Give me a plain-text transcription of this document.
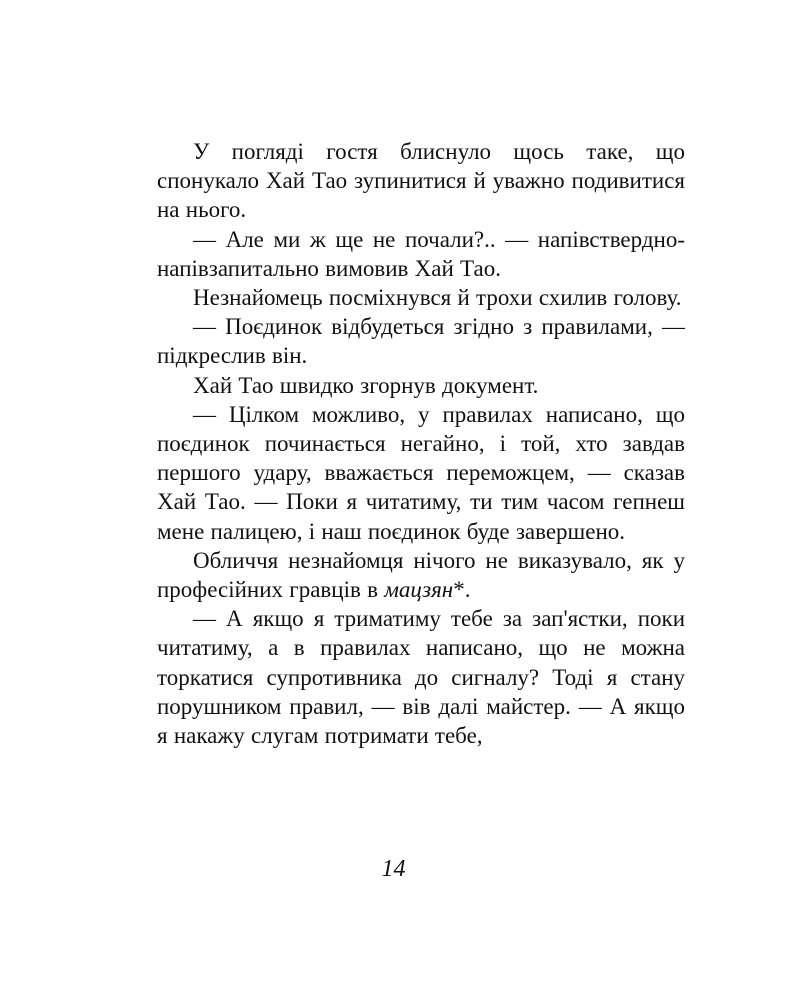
У погляді гостя блиснуло щось таке, що спонукало Хай Тао зупинитися й уважно подивитися на нього.

— Але ми ж ще не почали?.. — напівствердно-напівзапитально вимовив Хай Тао.

Незнайомець посміхнувся й трохи схилив голову.

— Поєдинок відбудеться згідно з правилами, — підкреслив він.

Хай Тао швидко згорнув документ.

— Цілком можливо, у правилах написано, що поєдинок починається негайно, і той, хто завдав першого удару, вважається переможцем, — сказав Хай Тао. — Поки я читатиму, ти тим часом гепнеш мене палицею, і наш поєдинок буде завершено.

Обличчя незнайомця нічого не виказувало, як у професійних гравців в мацзян*.

— А якщо я триматиму тебе за зап'ястки, поки читатиму, а в правилах написано, що не можна торкатися супротивника до сигналу? Тоді я стану порушником правил, — вів далі майстер. — А якщо я накажу слугам потримати тебе,

14
